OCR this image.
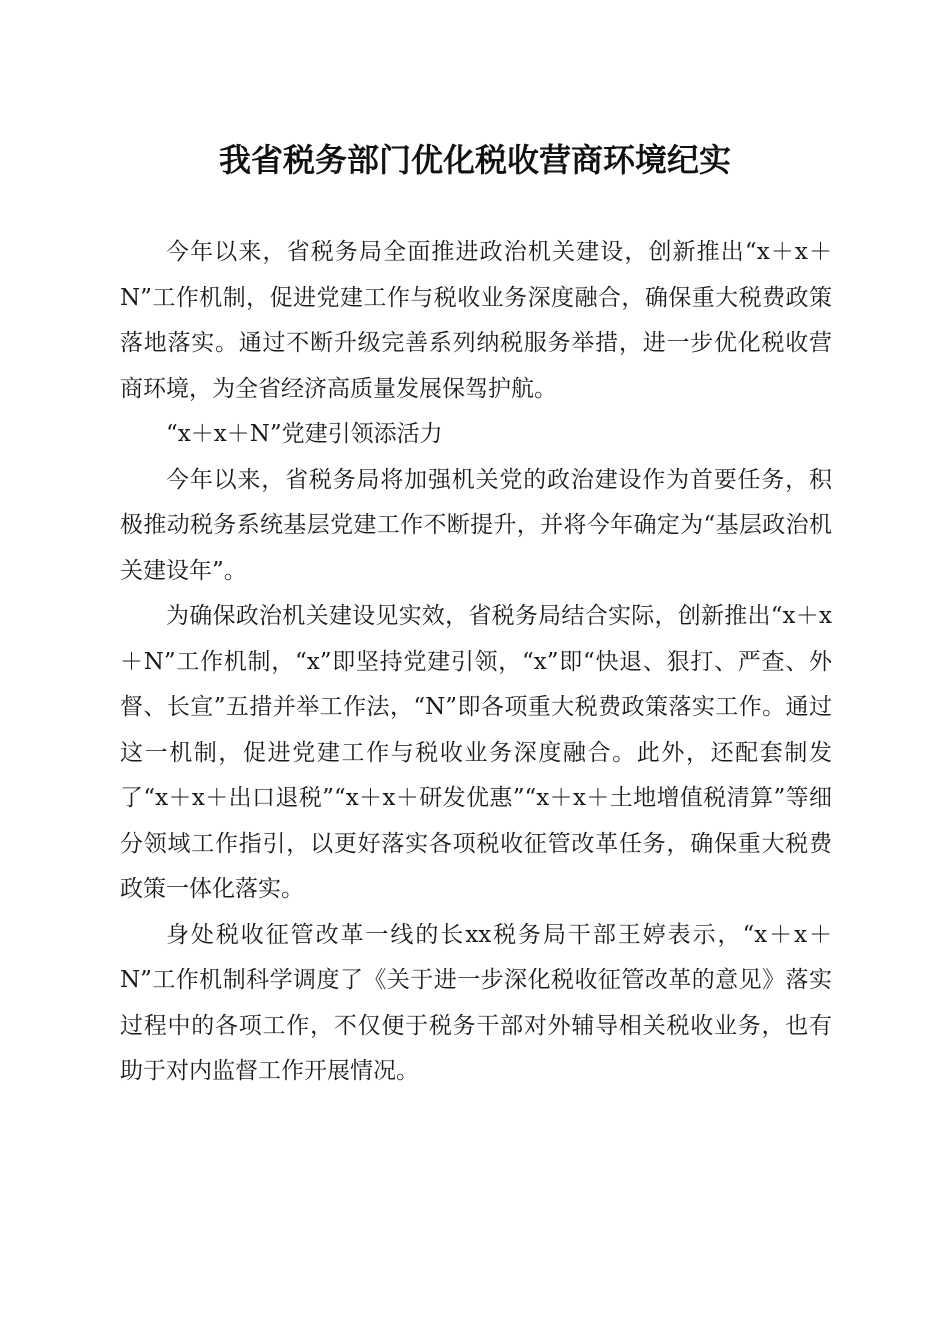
我省税务部门优化税收营商环境纪实

今年以来，省税务局全面推进政治机关建设，创新推出“x＋x＋N”工作机制，促进党建工作与税收业务深度融合，确保重大税费政策落地落实。通过不断升级完善系列纳税服务举措，进一步优化税收营商环境，为全省经济高质量发展保驾护航。

“x＋x＋N”党建引领添活力

今年以来，省税务局将加强机关党的政治建设作为首要任务，积极推动税务系统基层党建工作不断提升，并将今年确定为“基层政治机关建设年”。

为确保政治机关建设见实效，省税务局结合实际，创新推出“x＋x＋N”工作机制，“x”即坚持党建引领，“x”即“快退、狠打、严查、外督、长宣”五措并举工作法，“N”即各项重大税费政策落实工作。通过这一机制，促进党建工作与税收业务深度融合。此外，还配套制发了“x＋x＋出口退税”“x＋x＋研发优惠”“x＋x＋土地增值税清算”等细分领域工作指引，以更好落实各项税收征管改革任务，确保重大税费政策一体化落实。

身处税收征管改革一线的长xx税务局干部王婷表示，“x＋x＋N”工作机制科学调度了《关于进一步深化税收征管改革的意见》落实过程中的各项工作，不仅便于税务干部对外辅导相关税收业务，也有助于对内监督工作开展情况。
